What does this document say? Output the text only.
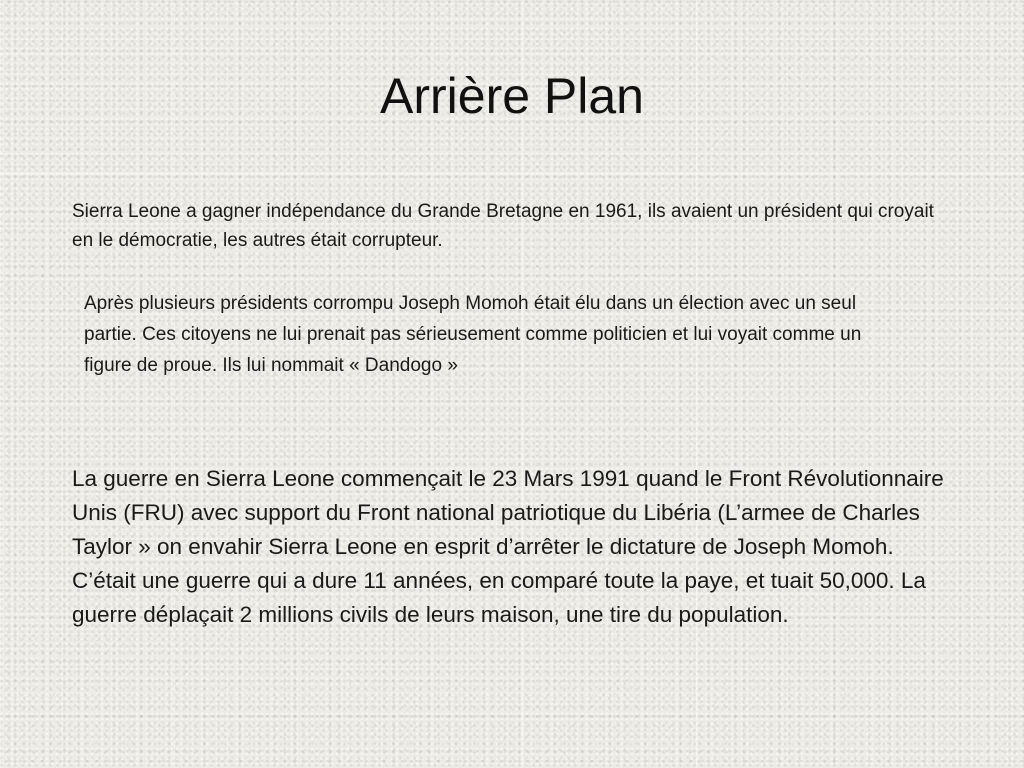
Arrière Plan

Sierra Leone a gagner indépendance du Grande Bretagne en 1961, ils avaient un président qui croyait en le démocratie, les autres était corrupteur.

Après plusieurs présidents corrompu Joseph Momoh était élu dans un élection avec un seul partie. Ces citoyens ne lui prenait pas sérieusement comme politicien et lui voyait comme un figure de proue. Ils lui nommait « Dandogo »

La guerre en Sierra Leone commençait le 23 Mars 1991 quand le Front Révolutionnaire Unis (FRU) avec support du Front national patriotique du Libéria (L’armee de Charles Taylor » on envahir Sierra Leone en esprit d’arrêter le dictature de Joseph Momoh. C’était une guerre qui a dure 11 années, en comparé toute la paye, et tuait 50,000. La guerre déplaçait 2 millions civils de leurs maison, une tire du population.
